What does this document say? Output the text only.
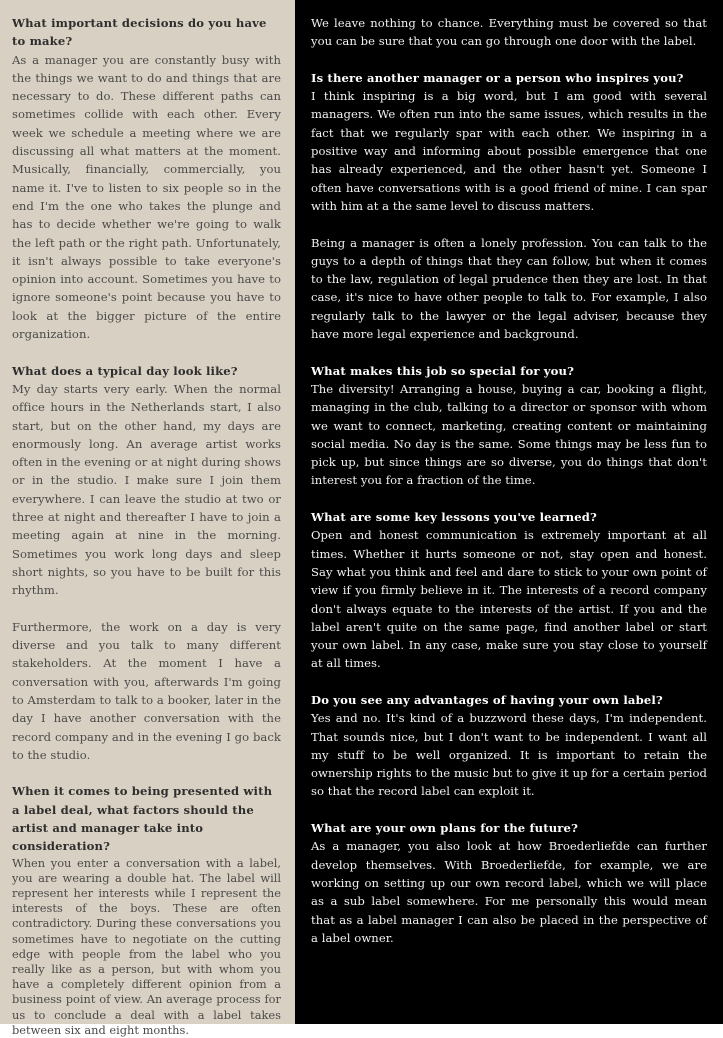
What important decisions do you have to make?

As a manager you are constantly busy with the things we want to do and things that are necessary to do. These different paths can sometimes collide with each other. Every week we schedule a meeting where we are discussing all what matters at the moment. Musically, financially, commercially, you name it. I've to listen to six people so in the end I'm the one who takes the plunge and has to decide whether we're going to walk the left path or the right path. Unfortunately, it isn't always possible to take everyone's opinion into account. Sometimes you have to ignore someone's point because you have to look at the bigger picture of the entire organization.

What does a typical day look like?

My day starts very early. When the normal office hours in the Netherlands start, I also start, but on the other hand, my days are enormously long. An average artist works often in the evening or at night during shows or in the studio. I make sure I join them everywhere. I can leave the studio at two or three at night and thereafter I have to join a meeting again at nine in the morning. Sometimes you work long days and sleep short nights, so you have to be built for this rhythm.

Furthermore, the work on a day is very diverse and you talk to many different stakeholders. At the moment I have a conversation with you, afterwards I'm going to Amsterdam to talk to a booker, later in the day I have another conversation with the record company and in the evening I go back to the studio.

When it comes to being presented with a label deal, what factors should the artist and manager take into consideration?

When you enter a conversation with a label, you are wearing a double hat. The label will represent her interests while I represent the interests of the boys. These are often contradictory. During these conversations you sometimes have to negotiate on the cutting edge with people from the label who you really like as a person, but with whom you have a completely different opinion from a business point of view. An average process for us to conclude a deal with a label takes between six and eight months.

We leave nothing to chance. Everything must be covered so that you can be sure that you can go through one door with the label.

Is there another manager or a person who inspires you?

I think inspiring is a big word, but I am good with several managers. We often run into the same issues, which results in the fact that we regularly spar with each other. We inspiring in a positive way and informing about possible emergence that one has already experienced, and the other hasn't yet. Someone I often have conversations with is a good friend of mine. I can spar with him at a the same level to discuss matters.

Being a manager is often a lonely profession. You can talk to the guys to a depth of things that they can follow, but when it comes to the law, regulation of legal prudence then they are lost. In that case, it's nice to have other people to talk to. For example, I also regularly talk to the lawyer or the legal adviser, because they have more legal experience and background.

What makes this job so special for you?

The diversity! Arranging a house, buying a car, booking a flight, managing in the club, talking to a director or sponsor with whom we want to connect, marketing, creating content or maintaining social media. No day is the same. Some things may be less fun to pick up, but since things are so diverse, you do things that don't interest you for a fraction of the time.

What are some key lessons you've learned?

Open and honest communication is extremely important at all times. Whether it hurts someone or not, stay open and honest. Say what you think and feel and dare to stick to your own point of view if you firmly believe in it. The interests of a record company don't always equate to the interests of the artist. If you and the label aren't quite on the same page, find another label or start your own label. In any case, make sure you stay close to yourself at all times.

Do you see any advantages of having your own label?

Yes and no. It's kind of a buzzword these days, I'm independent. That sounds nice, but I don't want to be independent. I want all my stuff to be well organized. It is important to retain the ownership rights to the music but to give it up for a certain period so that the record label can exploit it.

What are your own plans for the future?

As a manager, you also look at how Broederliefde can further develop themselves. With Broederliefde, for example, we are working on setting up our own record label, which we will place as a sub label somewhere. For me personally this would mean that as a label manager I can also be placed in the perspective of a label owner.
